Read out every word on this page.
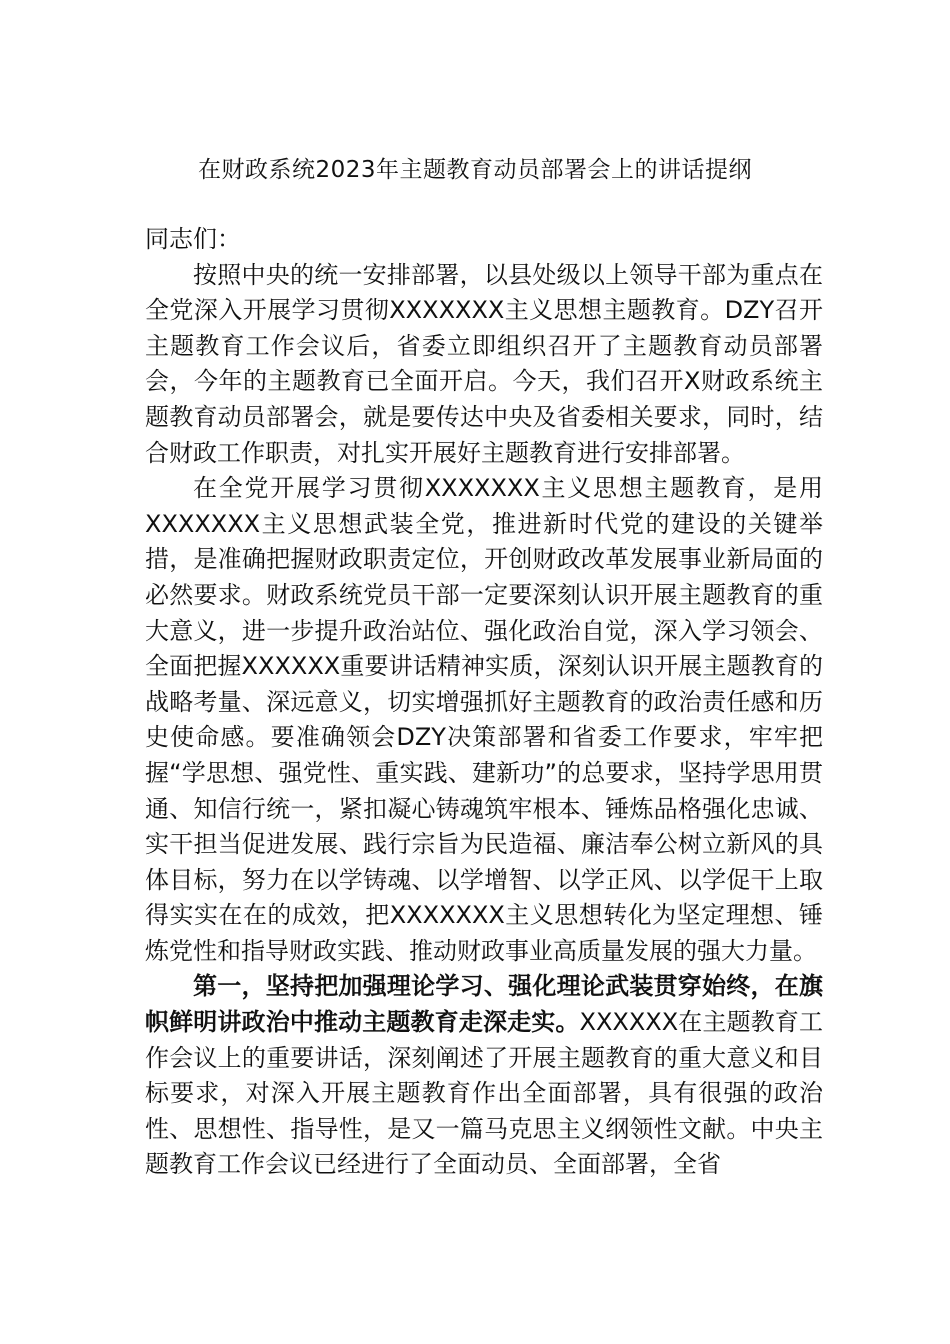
在财政系统2023年主题教育动员部署会上的讲话提纲

同志们：

按照中央的统一安排部署，以县处级以上领导干部为重点在全党深入开展学习贯彻XXXXXXX主义思想主题教育。DZY召开主题教育工作会议后，省委立即组织召开了主题教育动员部署会，今年的主题教育已全面开启。今天，我们召开X财政系统主题教育动员部署会，就是要传达中央及省委相关要求，同时，结合财政工作职责，对扎实开展好主题教育进行安排部署。

在全党开展学习贯彻XXXXXXX主义思想主题教育，是用XXXXXXX主义思想武装全党，推进新时代党的建设的关键举措，是准确把握财政职责定位，开创财政改革发展事业新局面的必然要求。财政系统党员干部一定要深刻认识开展主题教育的重大意义，进一步提升政治站位、强化政治自觉，深入学习领会、全面把握XXXXXX重要讲话精神实质，深刻认识开展主题教育的战略考量、深远意义，切实增强抓好主题教育的政治责任感和历史使命感。要准确领会DZY决策部署和省委工作要求，牢牢把握“学思想、强党性、重实践、建新功”的总要求，坚持学思用贯通、知信行统一，紧扣凝心铸魂筑牢根本、锤炼品格强化忠诚、实干担当促进发展、践行宗旨为民造福、廉洁奉公树立新风的具体目标，努力在以学铸魂、以学增智、以学正风、以学促干上取得实实在在的成效，把XXXXXXX主义思想转化为坚定理想、锤炼党性和指导财政实践、推动财政事业高质量发展的强大力量。

第一，坚持把加强理论学习、强化理论武装贯穿始终，在旗帜鲜明讲政治中推动主题教育走深走实。XXXXXX在主题教育工作会议上的重要讲话，深刻阐述了开展主题教育的重大意义和目标要求，对深入开展主题教育作出全面部署，具有很强的政治性、思想性、指导性，是又一篇马克思主义纲领性文献。中央主题教育工作会议已经进行了全面动员、全面部署，全省
